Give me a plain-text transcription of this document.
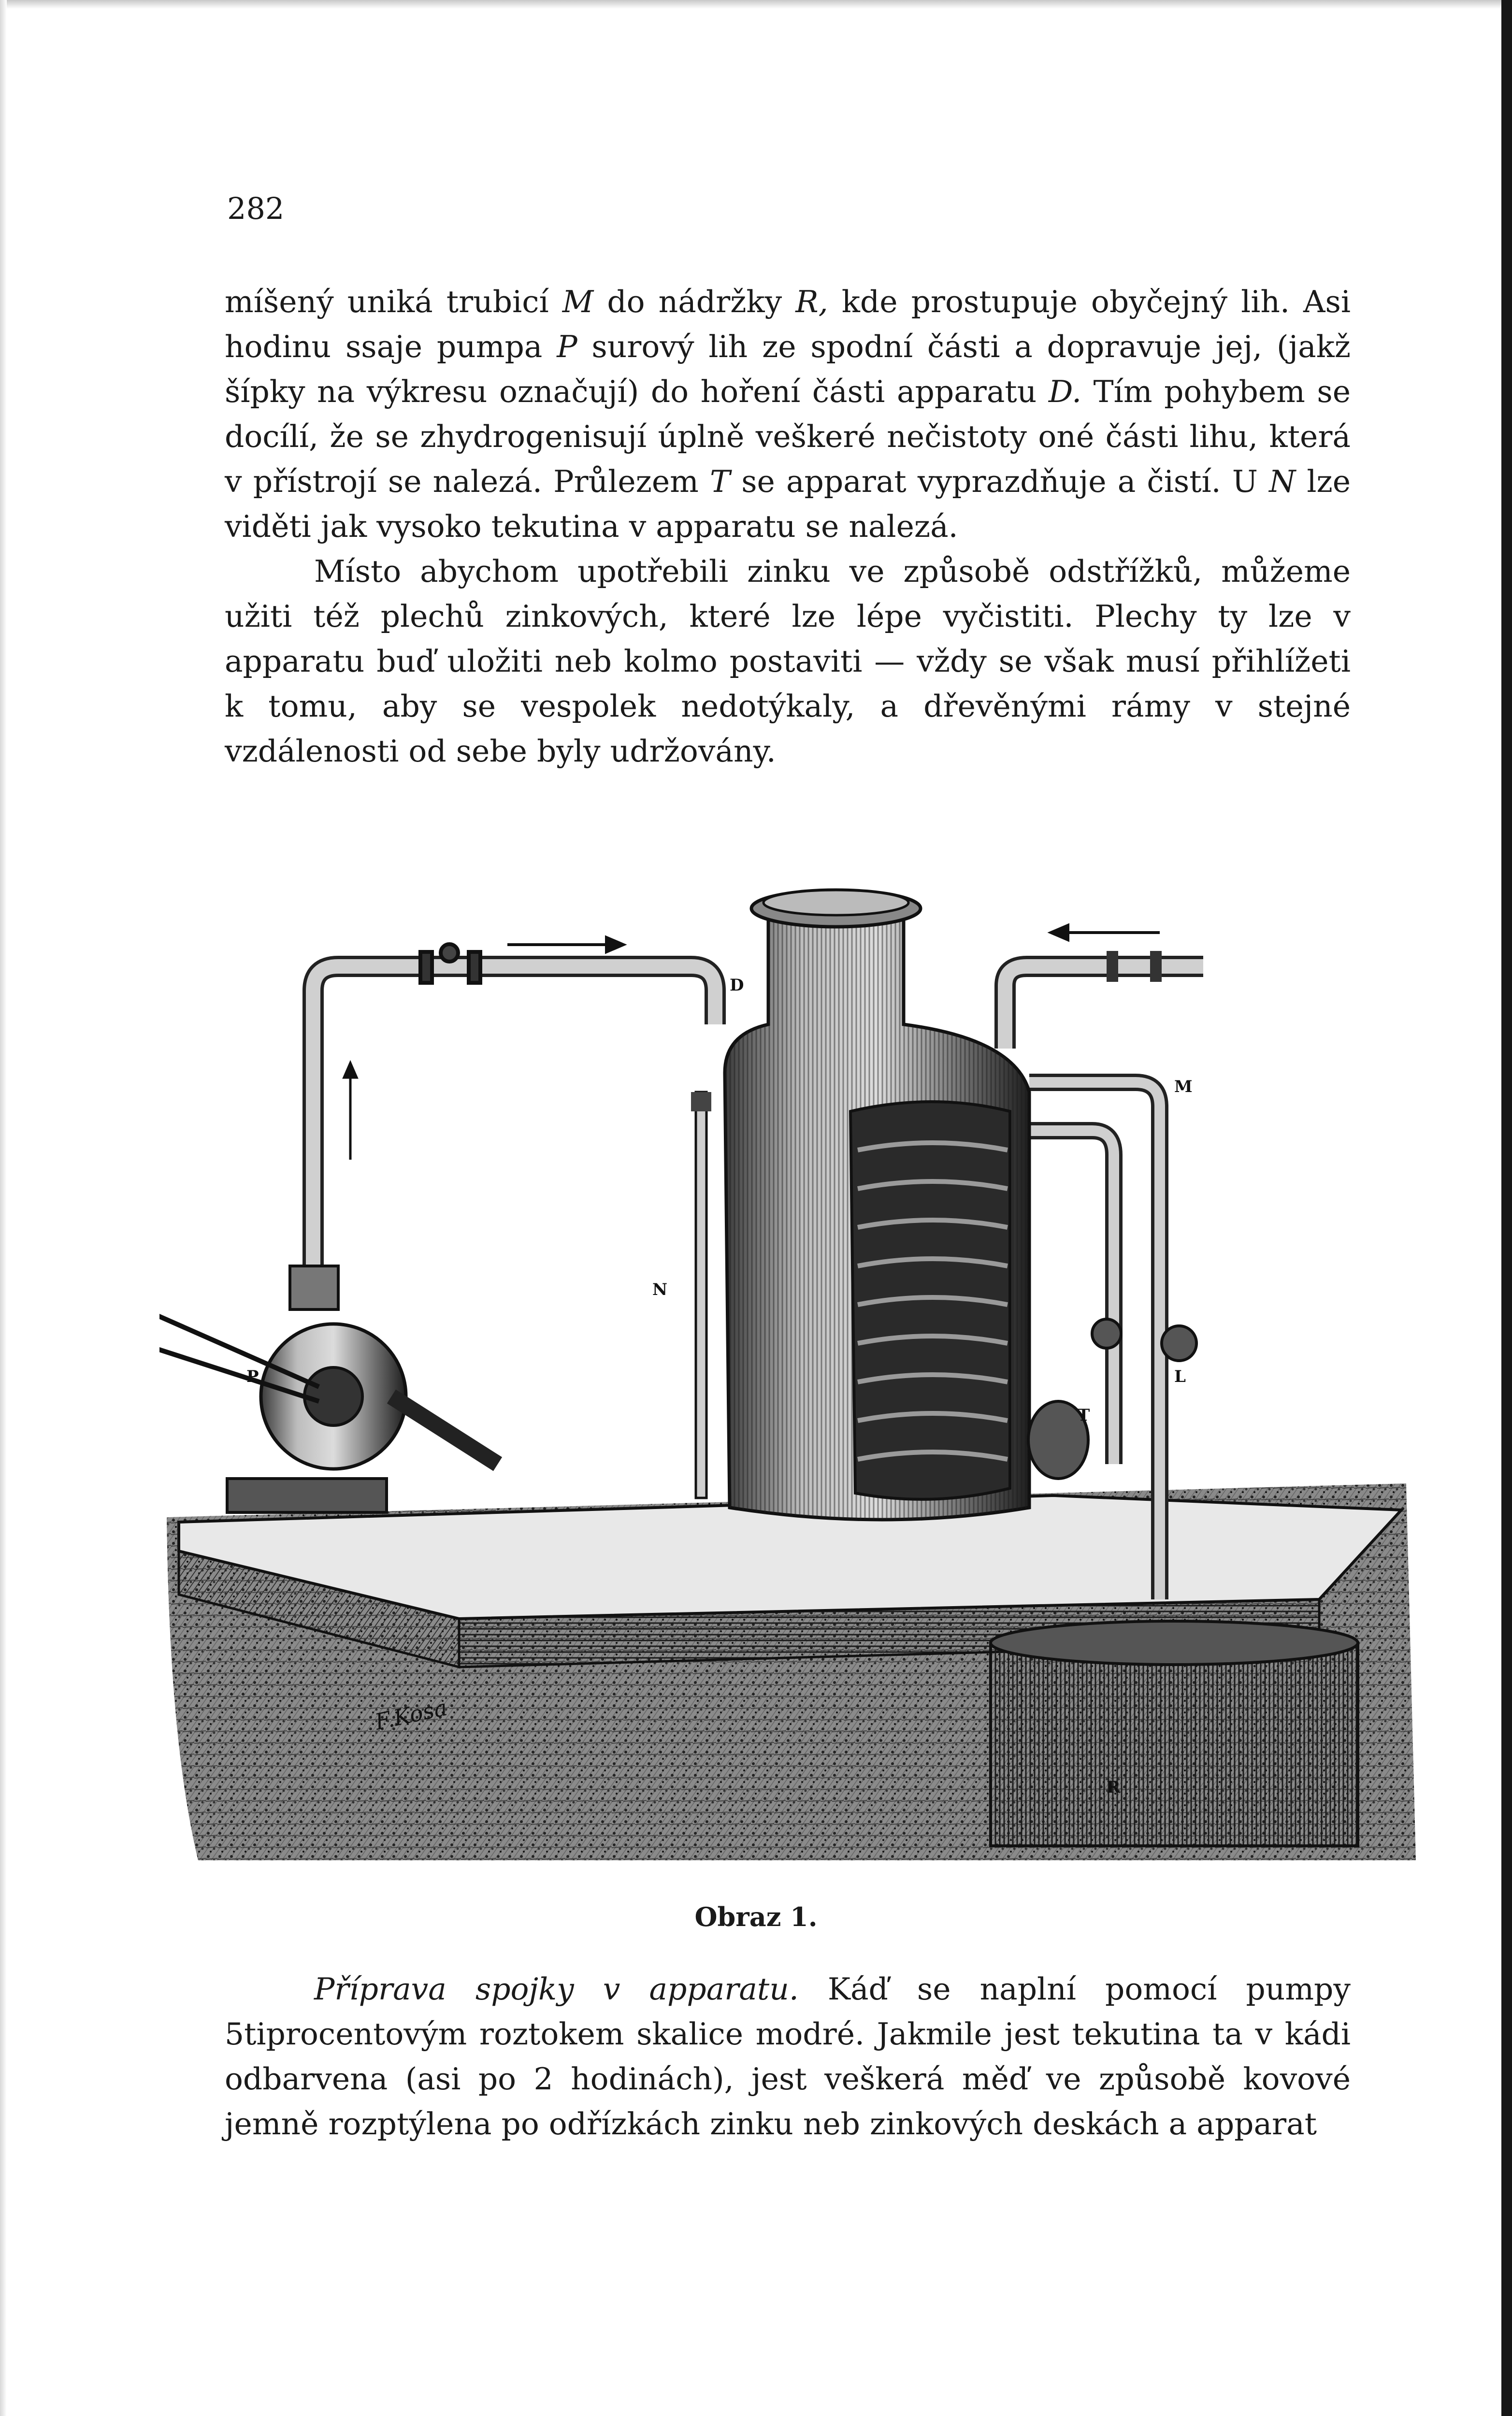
282

míšený uniká trubicí M do nádržky R, kde prostupuje obyčejný lih. Asi hodinu ssaje pumpa P surový lih ze spodní části a dopravuje jej, (jakž šípky na výkresu označují) do hoření části apparatu D. Tím pohybem se docílí, že se zhydrogenisují úplně veškeré nečistoty oné části lihu, která v přístrojí se nalezá. Průlezem T se apparat vyprazdňuje a čistí. U N lze viděti jak vysoko tekutina v apparatu se nalezá.

Místo abychom upotřebili zinku ve způsobě odstřížků, můžeme užiti též plechů zinkových, které lze lépe vyčistiti. Plechy ty lze v apparatu buď uložiti neb kolmo postaviti — vždy se však musí přihlížeti k tomu, aby se vespolek nedotýkaly, a dřevěnými rámy v stejné vzdálenosti od sebe byly udržovány.

D
M
N
P	L
T
R
F.Kosa
Obraz 1.

Příprava spojky v apparatu. Káď se naplní pomocí pumpy 5tiprocentovým roztokem skalice modré. Jakmile jest tekutina ta v kádi odbarvena (asi po 2 hodinách), jest veškerá měď ve způsobě kovové jemně rozptýlena po odřízkách zinku neb zinkových deskách a apparat
